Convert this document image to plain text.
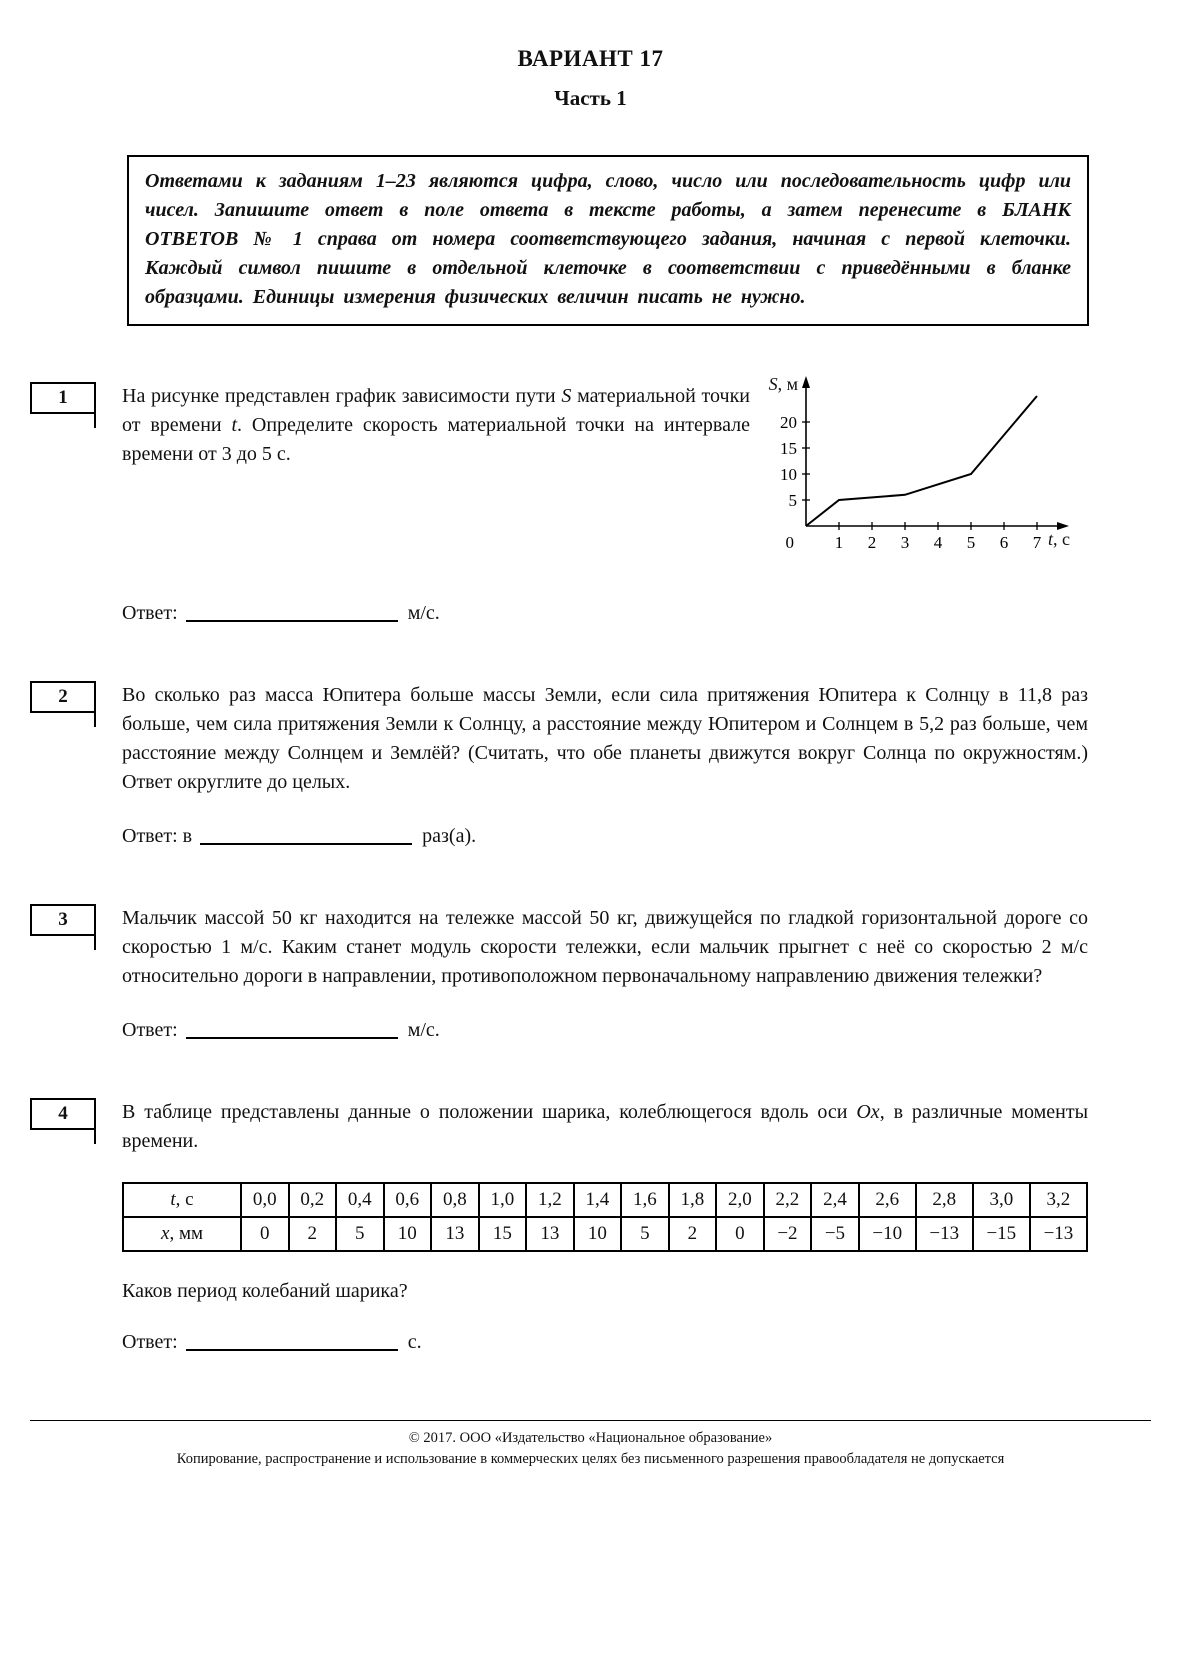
ВАРИАНТ 17
Часть 1
Ответами к заданиям 1–23 являются цифра, слово, число или последовательность цифр или чисел. Запишите ответ в поле ответа в тексте работы, а затем перенесите в БЛАНК ОТВЕТОВ № 1 справа от номера соответствующего задания, начиная с первой клеточки. Каждый символ пишите в отдельной клеточке в соответствии с приведёнными в бланке образцами. Единицы измерения физических величин писать не нужно.
1	На рисунке представлен график зависимости пути S материальной точки от времени t. Определите скорость материальной точки на интервале времени от 3 до 5 с.

S, м
1 2 3 4 5 6 7
5
10
15
20
0	t, с

Ответ:	м/с.

2	Во сколько раз масса Юпитера больше массы Земли, если сила притяжения Юпитера к Солнцу в 11,8 раз больше, чем сила притяжения Земли к Солнцу, а расстояние между Юпитером и Солнцем в 5,2 раз больше, чем расстояние между Солнцем и Землёй? (Считать, что обе планеты движутся вокруг Солнца по окружностям.) Ответ округлите до целых.

Ответ: в	раз(а).

3	Мальчик массой 50 кг находится на тележке массой 50 кг, движущейся по гладкой горизонтальной дороге со скоростью 1 м/с. Каким станет модуль скорости тележки, если мальчик прыгнет с неё со скоростью 2 м/с относительно дороги в направлении, противоположном первоначальному направлению движения тележки?

Ответ:	м/с.

4	В таблице представлены данные о положении шарика, колеблющегося вдоль оси Ox, в различные моменты времени.

t, с	0,0	0,2	0,4	0,6	0,8	1,0	1,2	1,4	1,6	1,8	2,0	2,2	2,4	2,6	2,8	3,0	3,2
x, мм	0	2	5	10	13	15	13	10	5	2	0	−2	−5	−10	−13	−15	−13

Каков период колебаний шарика?

Ответ:	с.

© 2017. ООО «Издательство «Национальное образование»

Копирование, распространение и использование в коммерческих целях без письменного разрешения правообладателя не допускается
